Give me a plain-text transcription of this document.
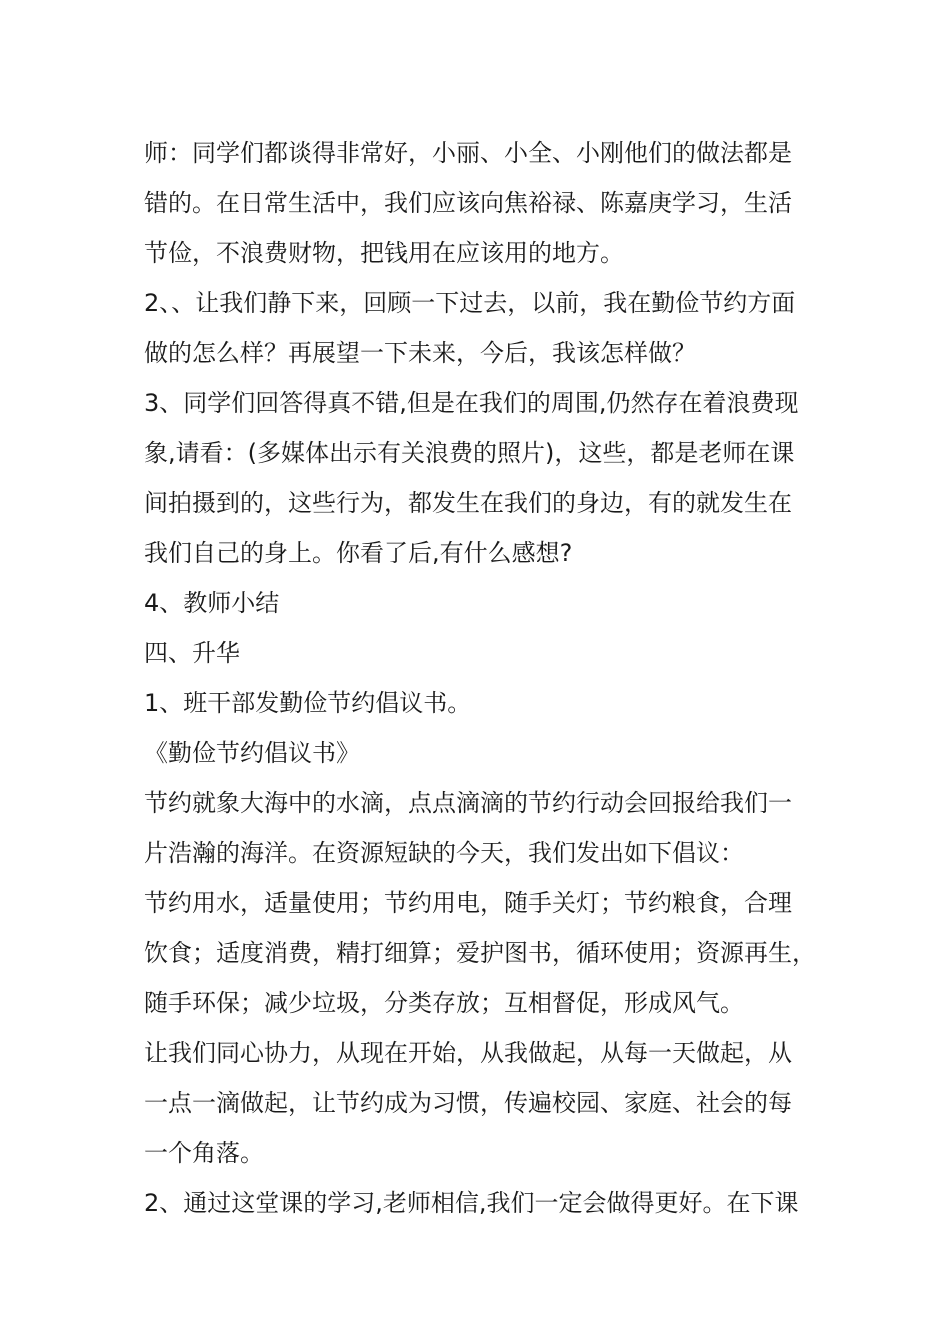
师：同学们都谈得非常好，小丽、小全、小刚他们的做法都是
错的。在日常生活中，我们应该向焦裕禄、陈嘉庚学习，生活
节俭，不浪费财物，把钱用在应该用的地方。
2、、让我们静下来，回顾一下过去，以前，我在勤俭节约方面
做的怎么样？再展望一下未来，今后，我该怎样做？
3、同学们回答得真不错,但是在我们的周围,仍然存在着浪费现
象,请看：(多媒体出示有关浪费的照片)，这些，都是老师在课
间拍摄到的，这些行为，都发生在我们的身边，有的就发生在
我们自己的身上。你看了后,有什么感想?
4、教师小结
四、升华
1、班干部发勤俭节约倡议书。
《勤俭节约倡议书》
节约就象大海中的水滴，点点滴滴的节约行动会回报给我们一
片浩瀚的海洋。在资源短缺的今天，我们发出如下倡议：
节约用水，适量使用；节约用电，随手关灯；节约粮食，合理
饮食；适度消费，精打细算；爱护图书，循环使用；资源再生，
随手环保；减少垃圾，分类存放；互相督促，形成风气。
让我们同心协力，从现在开始，从我做起，从每一天做起，从
一点一滴做起，让节约成为习惯，传遍校园、家庭、社会的每
一个角落。
2、通过这堂课的学习,老师相信,我们一定会做得更好。在下课
